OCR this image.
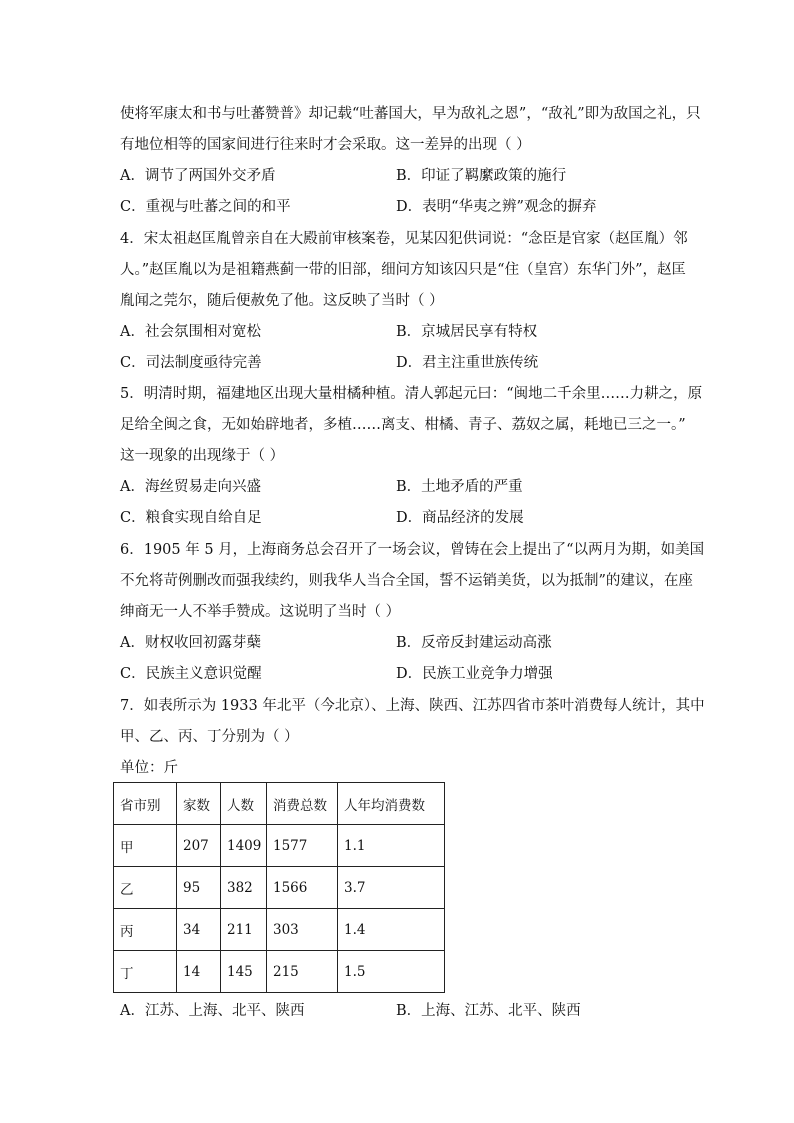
使将军康太和书与吐蕃赞普》却记载“吐蕃国大，早为敌礼之恩”，“敌礼”即为敌国之礼，只
有地位相等的国家间进行往来时才会采取。这一差异的出现（ ）
A．调节了两国外交矛盾	B．印证了羁縻政策的施行
C．重视与吐蕃之间的和平	D．表明“华夷之辨”观念的摒弃
4．宋太祖赵匡胤曾亲自在大殿前审核案卷，见某囚犯供词说：“念臣是官家（赵匡胤）邻
人。”赵匡胤以为是祖籍燕蓟一带的旧部，细问方知该囚只是“住（皇宫）东华门外”，赵匡
胤闻之莞尔，随后便赦免了他。这反映了当时（ ）
A．社会氛围相对宽松	B．京城居民享有特权
C．司法制度亟待完善	D．君主注重世族传统
5．明清时期，福建地区出现大量柑橘种植。清人郭起元曰：“闽地二千余里……力耕之，原
足给全闽之食，无如始辟地者，多植……离支、柑橘、青子、荔奴之属，耗地已三之一。”
这一现象的出现缘于（ ）
A．海丝贸易走向兴盛	B．土地矛盾的严重
C．粮食实现自给自足	D．商品经济的发展
6．1905 年 5 月，上海商务总会召开了一场会议，曾铸在会上提出了“以两月为期，如美国
不允将苛例删改而强我续约，则我华人当合全国，誓不运销美货，以为抵制”的建议，在座
绅商无一人不举手赞成。这说明了当时（ ）
A．财权收回初露芽蘖	B．反帝反封建运动高涨
C．民族主义意识觉醒	D．民族工业竞争力增强
7．如表所示为 1933 年北平（今北京）、上海、陕西、江苏四省市茶叶消费每人统计，其中
甲、乙、丙、丁分别为（ ）
单位：斤
省市别	家数	人数	消费总数	人年均消费数
甲	207	1409	1577	1.1
乙	95	382	1566	3.7
丙	34	211	303	1.4
丁	14	145	215	1.5
A．江苏、上海、北平、陕西	B．上海、江苏、北平、陕西
